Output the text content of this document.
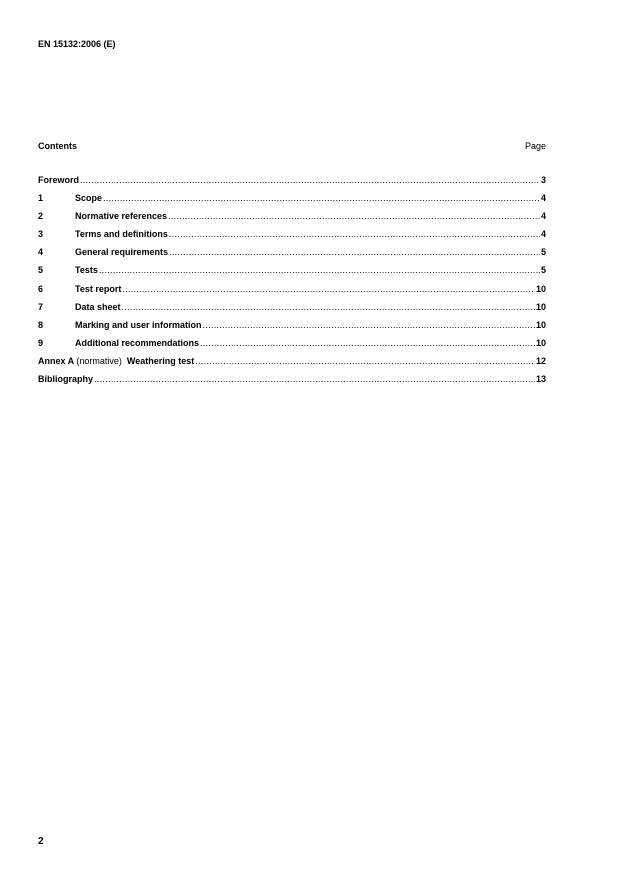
EN 15132:2006 (E)
Contents	Page
Foreword .....	3
1	Scope .....	4
2	Normative references .....	4
3	Terms and definitions .....	4
4	General requirements .....	5
5	Tests .....	5
6	Test report .....	10
7	Data sheet .....	10
8	Marking and user information .....	10
9	Additional recommendations .....	10
Annex A (normative) Weathering test .....	12
Bibliography .....	13
2
